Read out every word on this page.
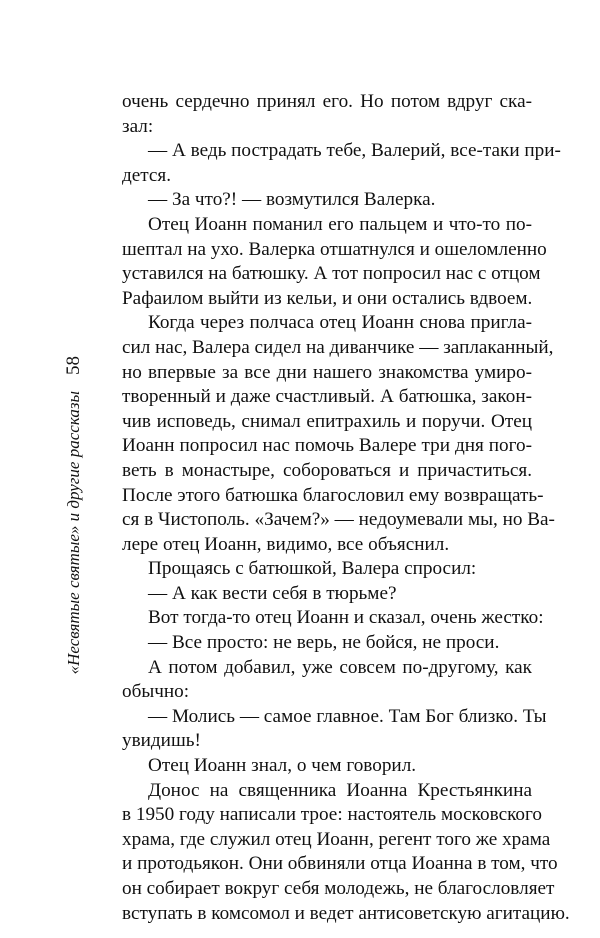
«Несвятые святые» и другие рассказы
58
очень сердечно принял его. Но потом вдруг ска-
зал:
— А ведь пострадать тебе, Валерий, все-таки при-
дется.
— За что?! — возмутился Валерка.
Отец Иоанн поманил его пальцем и что-то по-
шептал на ухо. Валерка отшатнулся и ошеломленно
уставился на батюшку. А тот попросил нас с отцом
Рафаилом выйти из кельи, и они остались вдвоем.
Когда через полчаса отец Иоанн снова пригла-
сил нас, Валера сидел на диванчике — заплаканный,
но впервые за все дни нашего знакомства умиро-
творенный и даже счастливый. А батюшка, закон-
чив исповедь, снимал епитрахиль и поручи. Отец
Иоанн попросил нас помочь Валере три дня пого-
веть в монастыре, собороваться и причаститься.
После этого батюшка благословил ему возвращать-
ся в Чистополь. «Зачем?» — недоумевали мы, но Ва-
лере отец Иоанн, видимо, все объяснил.
Прощаясь с батюшкой, Валера спросил:
— А как вести себя в тюрьме?
Вот тогда-то отец Иоанн и сказал, очень жестко:
— Все просто: не верь, не бойся, не проси.
А потом добавил, уже совсем по-другому, как
обычно:
— Молись — самое главное. Там Бог близко. Ты
увидишь!
Отец Иоанн знал, о чем говорил.
Донос на священника Иоанна Крестьянкина
в 1950 году написали трое: настоятель московского
храма, где служил отец Иоанн, регент того же храма
и протодьякон. Они обвиняли отца Иоанна в том, что
он собирает вокруг себя молодежь, не благословляет
вступать в комсомол и ведет антисоветскую агитацию.
